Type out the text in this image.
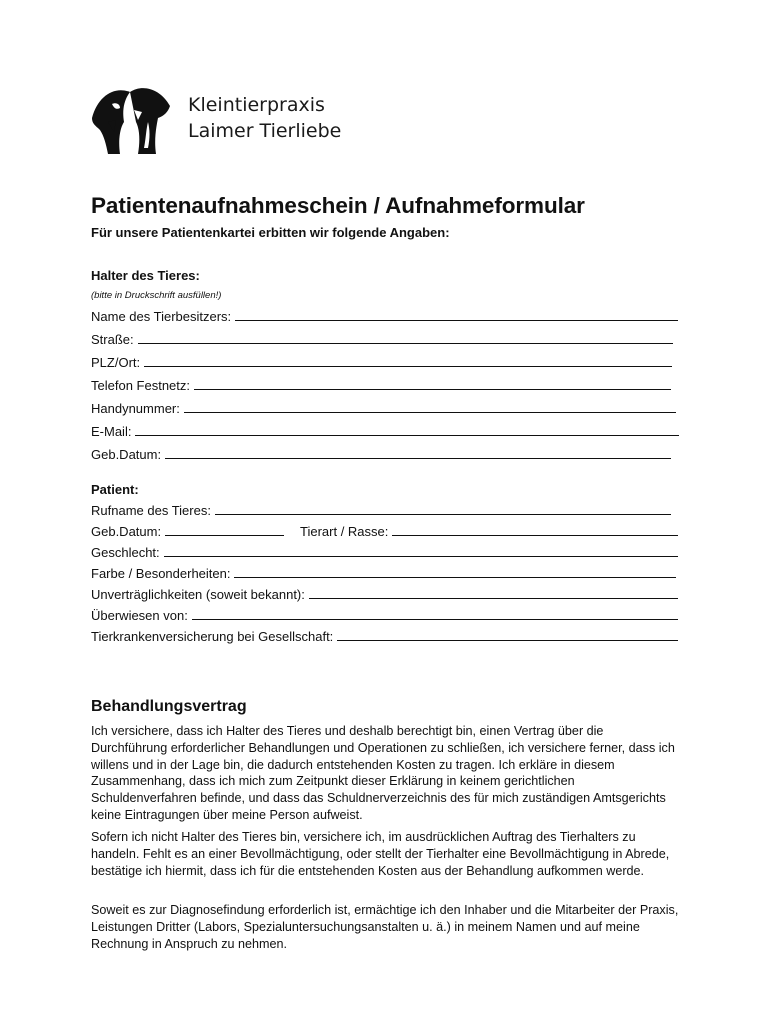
Kleintierpraxis
Laimer Tierliebe
Patientenaufnahmeschein / Aufnahmeformular

Für unsere Patientenkartei erbitten wir folgende Angaben:

Halter des Tieres:

(bitte in Druckschrift ausfüllen!)
Name des Tierbesitzers:
Straße:
PLZ/Ort:
Telefon Festnetz:
Handynummer:
E-Mail:
Geb.Datum:

Patient:

Rufname des Tieres:
Geb.Datum:	Tierart / Rasse:
Geschlecht:
Farbe / Besonderheiten:
Unverträglichkeiten (soweit bekannt):
Überwiesen von:
Tierkrankenversicherung bei Gesellschaft:
Behandlungsvertrag

Ich versichere, dass ich Halter des Tieres und deshalb berechtigt bin, einen Vertrag über die Durchführung erforderlicher Behandlungen und Operationen zu schließen, ich versichere ferner, dass ich willens und in der Lage bin, die dadurch entstehenden Kosten zu tragen. Ich erkläre in diesem Zusammenhang, dass ich mich zum Zeitpunkt dieser Erklärung in keinem gerichtlichen Schuldenverfahren befinde, und dass das Schuldnerverzeichnis des für mich zuständigen Amtsgerichts keine Eintragungen über meine Person aufweist.

Sofern ich nicht Halter des Tieres bin, versichere ich, im ausdrücklichen Auftrag des Tierhalters zu handeln. Fehlt es an einer Bevollmächtigung, oder stellt der Tierhalter eine Bevollmächtigung in Abrede, bestätige ich hiermit, dass ich für die entstehenden Kosten aus der Behandlung aufkommen werde.

Soweit es zur Diagnosefindung erforderlich ist, ermächtige ich den Inhaber und die Mitarbeiter der Praxis, Leistungen Dritter (Labors, Spezialuntersuchungsanstalten u. ä.) in meinem Namen und auf meine Rechnung in Anspruch zu nehmen.
